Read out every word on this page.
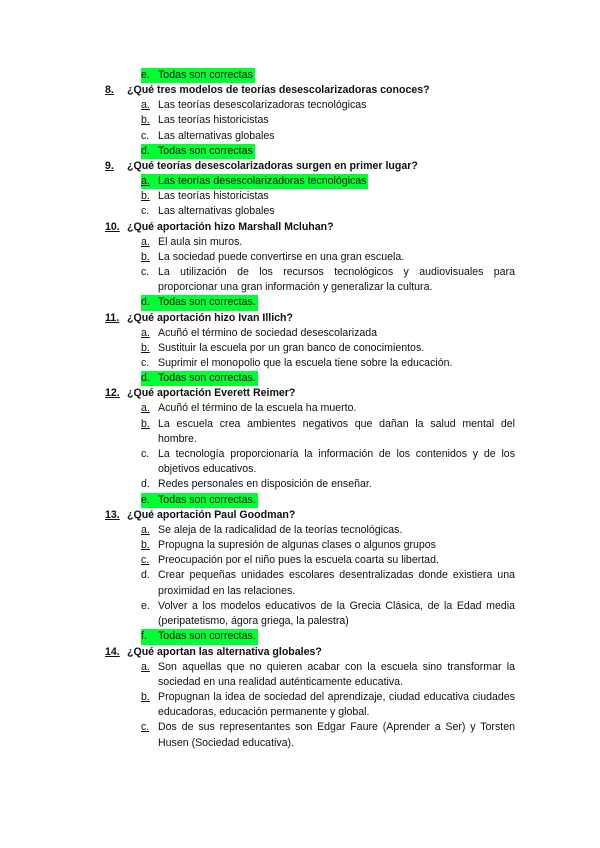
e. Todas son correctas
8. ¿Qué tres modelos de teorías desescolarizadoras conoces?
a. Las teorías desescolarizadoras tecnológicas
b. Las teorías historicistas
c. Las alternativas globales
d. Todas son correctas
9. ¿Qué teorías desescolarizadoras surgen en primer lugar?
a. Las teorías desescolarizadoras tecnológicas
b. Las teorías historicistas
c. Las alternativas globales
10. ¿Qué aportación hizo Marshall Mcluhan?
a. El aula sin muros.
b. La sociedad puede convertirse en una gran escuela.
c. La utilización de los recursos tecnológicos y audiovisuales para proporcionar una gran información y generalizar la cultura.
d. Todas son correctas.
11. ¿Qué aportación hizo Ivan Illich?
a. Acuñó el término de sociedad desescolarizada
b. Sustituir la escuela por un gran banco de conocimientos.
c. Suprimir el monopolio que la escuela tiene sobre la educación.
d. Todas son correctas.
12. ¿Qué aportación Everett Reimer?
a. Acuñó el término de la escuela ha muerto.
b. La escuela crea ambientes negativos que dañan la salud mental del hombre.
c. La tecnología proporcionaría la información de los contenidos y de los objetivos educativos.
d. Redes personales en disposición de enseñar.
e. Todas son correctas.
13. ¿Qué aportación Paul Goodman?
a. Se aleja de la radicalidad de la teorías tecnológicas.
b. Propugna la supresión de algunas clases o algunos grupos
c. Preocupación por el niño pues la escuela coarta su libertad.
d. Crear pequeñas unidades escolares desentralizadas donde existiera una proximidad en las relaciones.
e. Volver a los modelos educativos de la Grecia Clásica, de la Edad media (peripatetismo, ágora griega, la palestra)
f.	Todas son correctas.
14. ¿Qué aportan las alternativa globales?
a. Son aquellas que no quieren acabar con la escuela sino transformar la sociedad en una realidad auténticamente educativa.
b. Propugnan la idea de sociedad del aprendizaje, ciudad educativa ciudades educadoras, educación permanente y global.
c. Dos de sus representantes son Edgar Faure (Aprender a Ser) y Torsten Husen (Sociedad educativa).
